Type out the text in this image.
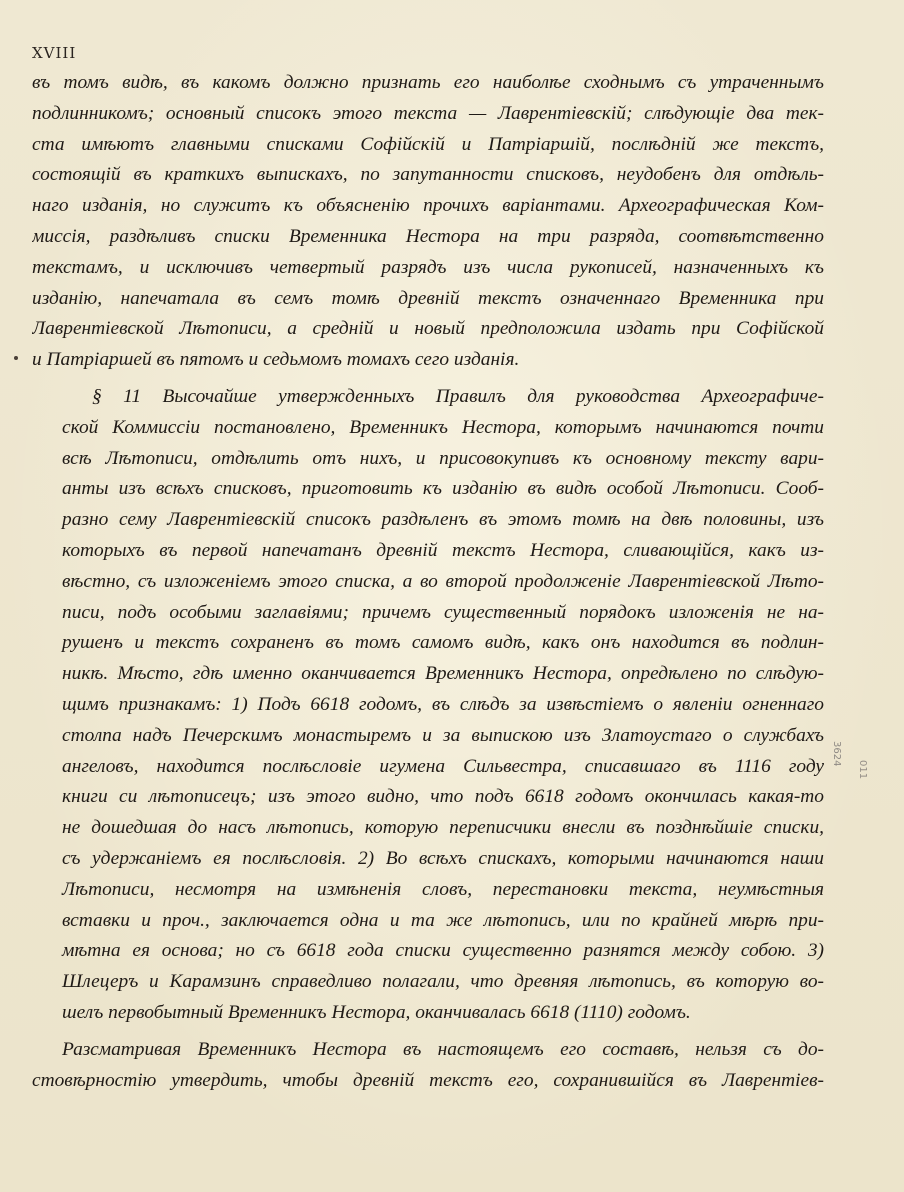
XVIII

въ томъ видѣ, въ какомъ должно признать его наиболѣе сходнымъ съ утраченнымъ
подлинникомъ; основный списокъ этого текста — Лаврентіевскій; слѣдующіе два тек-
ста имѣютъ главными списками Софійскій и Патріаршій, послѣдній же текстъ,
состоящій въ краткихъ выпискахъ, по запутанности списковъ, неудобенъ для отдѣль-
наго изданія, но служитъ къ объясненію прочихъ варіантами. Археографическая Ком-
миссія, раздѣливъ списки Временника Нестора на три разряда, соотвѣтственно
текстамъ, и исключивъ четвертый разрядъ изъ числа рукописей, назначенныхъ къ
изданію, напечатала въ семъ томѣ древній текстъ означеннаго Временника при
Лаврентіевской Лѣтописи, а средній и новый предположила издать при Софійской
и Патріаршей въ пятомъ и седьмомъ томахъ сего изданія.

§ 11 Высочайше утвержденныхъ Правилъ для руководства Археографиче-
ской Коммиссіи постановлено, Временникъ Нестора, которымъ начинаются почти
всѣ Лѣтописи, отдѣлить отъ нихъ, и присовокупивъ къ основному тексту вари-
анты изъ всѣхъ списковъ, приготовить къ изданію въ видѣ особой Лѣтописи. Сооб-
разно сему Лаврентіевскій списокъ раздѣленъ въ этомъ томѣ на двѣ половины, изъ
которыхъ въ первой напечатанъ древній текстъ Нестора, сливающійся, какъ из-
вѣстно, съ изложеніемъ этого списка, а во второй продолженіе Лаврентіевской Лѣто-
писи, подъ особыми заглавіями; причемъ существенный порядокъ изложенія не на-
рушенъ и текстъ сохраненъ въ томъ самомъ видѣ, какъ онъ находится въ подлин-
никѣ. Мѣсто, гдѣ именно оканчивается Временникъ Нестора, опредѣлено по слѣдую-
щимъ признакамъ: 1) Подъ 6618 годомъ, въ слѣдъ за извѣстіемъ о явленіи огненнаго
столпа надъ Печерскимъ монастыремъ и за выпискою изъ Златоустаго о службахъ
ангеловъ, находится послѣсловіе игумена Сильвестра, списавшаго въ 1116 году
книги си лѣтописецъ; изъ этого видно, что подъ 6618 годомъ окончилась какая-то
не дошедшая до насъ лѣтопись, которую переписчики внесли въ позднѣйшіе списки,
съ удержаніемъ ея послѣсловія. 2) Во всѣхъ спискахъ, которыми начинаются наши
Лѣтописи, несмотря на измѣненія словъ, перестановки текста, неумѣстныя
вставки и проч., заключается одна и та же лѣтопись, или по крайней мѣрѣ при-
мѣтна ея основа; но съ 6618 года списки существенно разнятся между собою. 3)
Шлецеръ и Карамзинъ справедливо полагали, что древняя лѣтопись, въ которую во-
шелъ первобытный Временникъ Нестора, оканчивалась 6618 (1110) годомъ.

Разсматривая Временникъ Нестора въ настоящемъ его составѣ, нельзя съ до-
стовѣрностію утвердить, чтобы древній текстъ его, сохранившійся въ Лаврентіев-

3624
011
